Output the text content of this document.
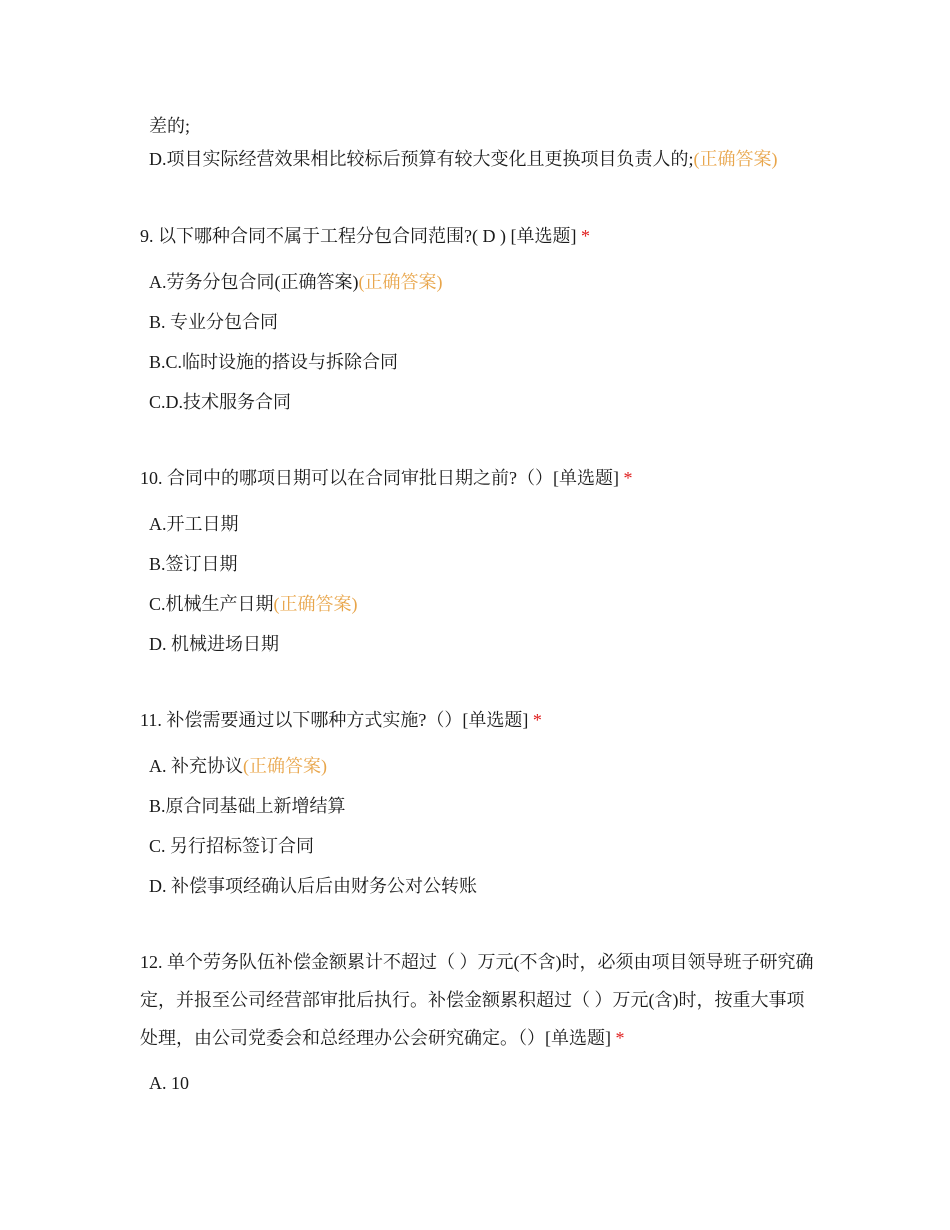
差的;
D.项目实际经营效果相比较标后预算有较大变化且更换项目负责人的;(正确答案)
9. 以下哪种合同不属于工程分包合同范围?( D ) [单选题] *
A.劳务分包合同(正确答案)(正确答案)
B. 专业分包合同
B.C.临时设施的搭设与拆除合同
C.D.技术服务合同
10. 合同中的哪项日期可以在合同审批日期之前?（）[单选题] *
A.开工日期
B.签订日期
C.机械生产日期(正确答案)
D. 机械进场日期
11. 补偿需要通过以下哪种方式实施?（）[单选题] *
A. 补充协议(正确答案)
B.原合同基础上新增结算
C. 另行招标签订合同
D. 补偿事项经确认后后由财务公对公转账
12. 单个劳务队伍补偿金额累计不超过（ ）万元(不含)时，必须由项目领导班子研究确定，并报至公司经营部审批后执行。补偿金额累积超过（ ）万元(含)时，按重大事项处理，由公司党委会和总经理办公会研究确定。（）[单选题] *
A. 10
